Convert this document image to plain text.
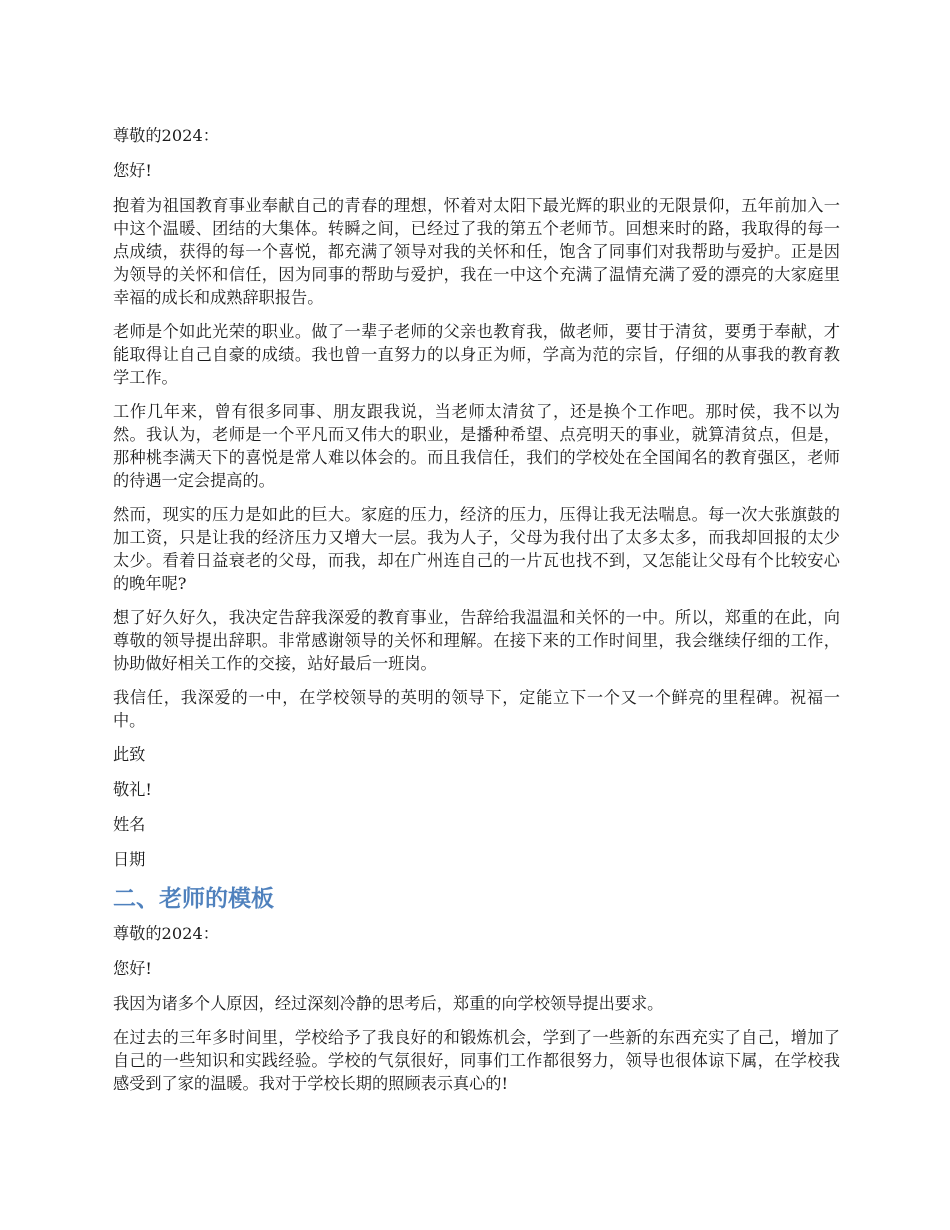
尊敬的2024：

您好!

抱着为祖国教育事业奉献自己的青春的理想，怀着对太阳下最光辉的职业的无限景仰，五年前加入一中这个温暖、团结的大集体。转瞬之间，已经过了我的第五个老师节。回想来时的路，我取得的每一点成绩，获得的每一个喜悦，都充满了领导对我的关怀和任，饱含了同事们对我帮助与爱护。正是因为领导的关怀和信任，因为同事的帮助与爱护，我在一中这个充满了温情充满了爱的漂亮的大家庭里幸福的成长和成熟辞职报告。

老师是个如此光荣的职业。做了一辈子老师的父亲也教育我，做老师，要甘于清贫，要勇于奉献，才能取得让自己自豪的成绩。我也曾一直努力的以身正为师，学高为范的宗旨，仔细的从事我的教育教学工作。

工作几年来，曾有很多同事、朋友跟我说，当老师太清贫了，还是换个工作吧。那时侯，我不以为然。我认为，老师是一个平凡而又伟大的职业，是播种希望、点亮明天的事业，就算清贫点，但是，那种桃李满天下的喜悦是常人难以体会的。而且我信任，我们的学校处在全国闻名的教育强区，老师的待遇一定会提高的。

然而，现实的压力是如此的巨大。家庭的压力，经济的压力，压得让我无法喘息。每一次大张旗鼓的加工资，只是让我的经济压力又增大一层。我为人子，父母为我付出了太多太多，而我却回报的太少太少。看着日益衰老的父母，而我，却在广州连自己的一片瓦也找不到，又怎能让父母有个比较安心的晚年呢?

想了好久好久，我决定告辞我深爱的教育事业，告辞给我温温和关怀的一中。所以，郑重的在此，向尊敬的领导提出辞职。非常感谢领导的关怀和理解。在接下来的工作时间里，我会继续仔细的工作，协助做好相关工作的交接，站好最后一班岗。

我信任，我深爱的一中，在学校领导的英明的领导下，定能立下一个又一个鲜亮的里程碑。祝福一中。

此致

敬礼!

姓名

日期

二、老师的模板

尊敬的2024：

您好!

我因为诸多个人原因，经过深刻冷静的思考后，郑重的向学校领导提出要求。

在过去的三年多时间里，学校给予了我良好的和锻炼机会，学到了一些新的东西充实了自己，增加了自己的一些知识和实践经验。学校的气氛很好，同事们工作都很努力，领导也很体谅下属，在学校我感受到了家的温暖。我对于学校长期的照顾表示真心的!
